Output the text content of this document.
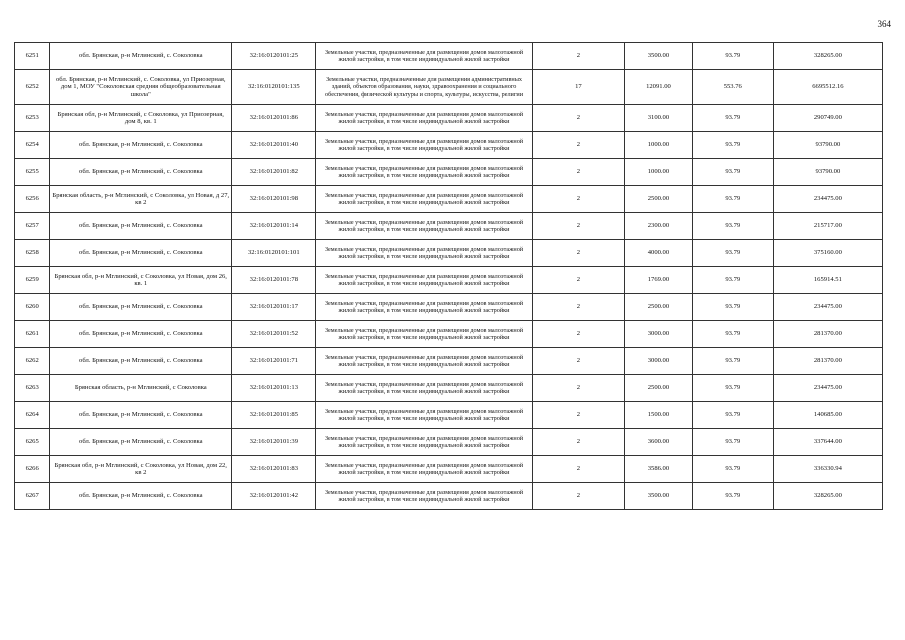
364
6251	обл. Брянская, р-н Мглинский, с. Соколовка	32:16:0120101:25	Земельные участки, предназначенные для размещения домов малоэтажной жилой застройки, в том числе индивидуальной жилой застройки	2	3500.00	93.79	328265.00
6252	обл. Брянская, р-н Мглинский, с. Соколовка, ул Приозерная, дом 1, МОУ "Соколовская средняя общеобразовательная школа"	32:16:0120101:135	Земельные участки, предназначенные для размещения административных зданий, объектов образования, науки, здравоохранения и социального обеспечения, физической культуры и спорта, культуры, искусства, религии	17	12091.00	553.76	6695512.16
6253	Брянская обл, р-н Мглинский, с Соколовка, ул Приозерная, дом 8, кв. 1	32:16:0120101:86	Земельные участки, предназначенные для размещения домов малоэтажной жилой застройки, в том числе индивидуальной жилой застройки	2	3100.00	93.79	290749.00
6254	обл. Брянская, р-н Мглинский, с. Соколовка	32:16:0120101:40	Земельные участки, предназначенные для размещения домов малоэтажной жилой застройки, в том числе индивидуальной жилой застройки	2	1000.00	93.79	93790.00
6255	обл. Брянская, р-н Мглинский, с. Соколовка	32:16:0120101:82	Земельные участки, предназначенные для размещения домов малоэтажной жилой застройки, в том числе индивидуальной жилой застройки	2	1000.00	93.79	93790.00
6256	Брянская область, р-н Мглинский, с Соколовка, ул Новая, д 27, кв 2	32:16:0120101:98	Земельные участки, предназначенные для размещения домов малоэтажной жилой застройки, в том числе индивидуальной жилой застройки	2	2500.00	93.79	234475.00
6257	обл. Брянская, р-н Мглинский, с. Соколовка	32:16:0120101:14	Земельные участки, предназначенные для размещения домов малоэтажной жилой застройки, в том числе индивидуальной жилой застройки	2	2300.00	93.79	215717.00
6258	обл. Брянская, р-н Мглинский, с. Соколовка	32:16:0120101:101	Земельные участки, предназначенные для размещения домов малоэтажной жилой застройки, в том числе индивидуальной жилой застройки	2	4000.00	93.79	375160.00
6259	Брянская обл, р-н Мглинский, с Соколовка, ул Новая, дом 26, кв. 1	32:16:0120101:78	Земельные участки, предназначенные для размещения домов малоэтажной жилой застройки, в том числе индивидуальной жилой застройки	2	1769.00	93.79	165914.51
6260	обл. Брянская, р-н Мглинский, с. Соколовка	32:16:0120101:17	Земельные участки, предназначенные для размещения домов малоэтажной жилой застройки, в том числе индивидуальной жилой застройки	2	2500.00	93.79	234475.00
6261	обл. Брянская, р-н Мглинский, с. Соколовка	32:16:0120101:52	Земельные участки, предназначенные для размещения домов малоэтажной жилой застройки, в том числе индивидуальной жилой застройки	2	3000.00	93.79	281370.00
6262	обл. Брянская, р-н Мглинский, с. Соколовка	32:16:0120101:71	Земельные участки, предназначенные для размещения домов малоэтажной жилой застройки, в том числе индивидуальной жилой застройки	2	3000.00	93.79	281370.00
6263	Брянская область, р-н Мглинский, с Соколовка	32:16:0120101:13	Земельные участки, предназначенные для размещения домов малоэтажной жилой застройки, в том числе индивидуальной жилой застройки	2	2500.00	93.79	234475.00
6264	обл. Брянская, р-н Мглинский, с. Соколовка	32:16:0120101:85	Земельные участки, предназначенные для размещения домов малоэтажной жилой застройки, в том числе индивидуальной жилой застройки	2	1500.00	93.79	140685.00
6265	обл. Брянская, р-н Мглинский, с. Соколовка	32:16:0120101:39	Земельные участки, предназначенные для размещения домов малоэтажной жилой застройки, в том числе индивидуальной жилой застройки	2	3600.00	93.79	337644.00
6266	Брянская обл, р-н Мглинский, с Соколовка, ул Новая, дом 22, кв 2	32:16:0120101:83	Земельные участки, предназначенные для размещения домов малоэтажной жилой застройки, в том числе индивидуальной жилой застройки	2	3586.00	93.79	336330.94
6267	обл. Брянская, р-н Мглинский, с. Соколовка	32:16:0120101:42	Земельные участки, предназначенные для размещения домов малоэтажной жилой застройки, в том числе индивидуальной жилой застройки	2	3500.00	93.79	328265.00
